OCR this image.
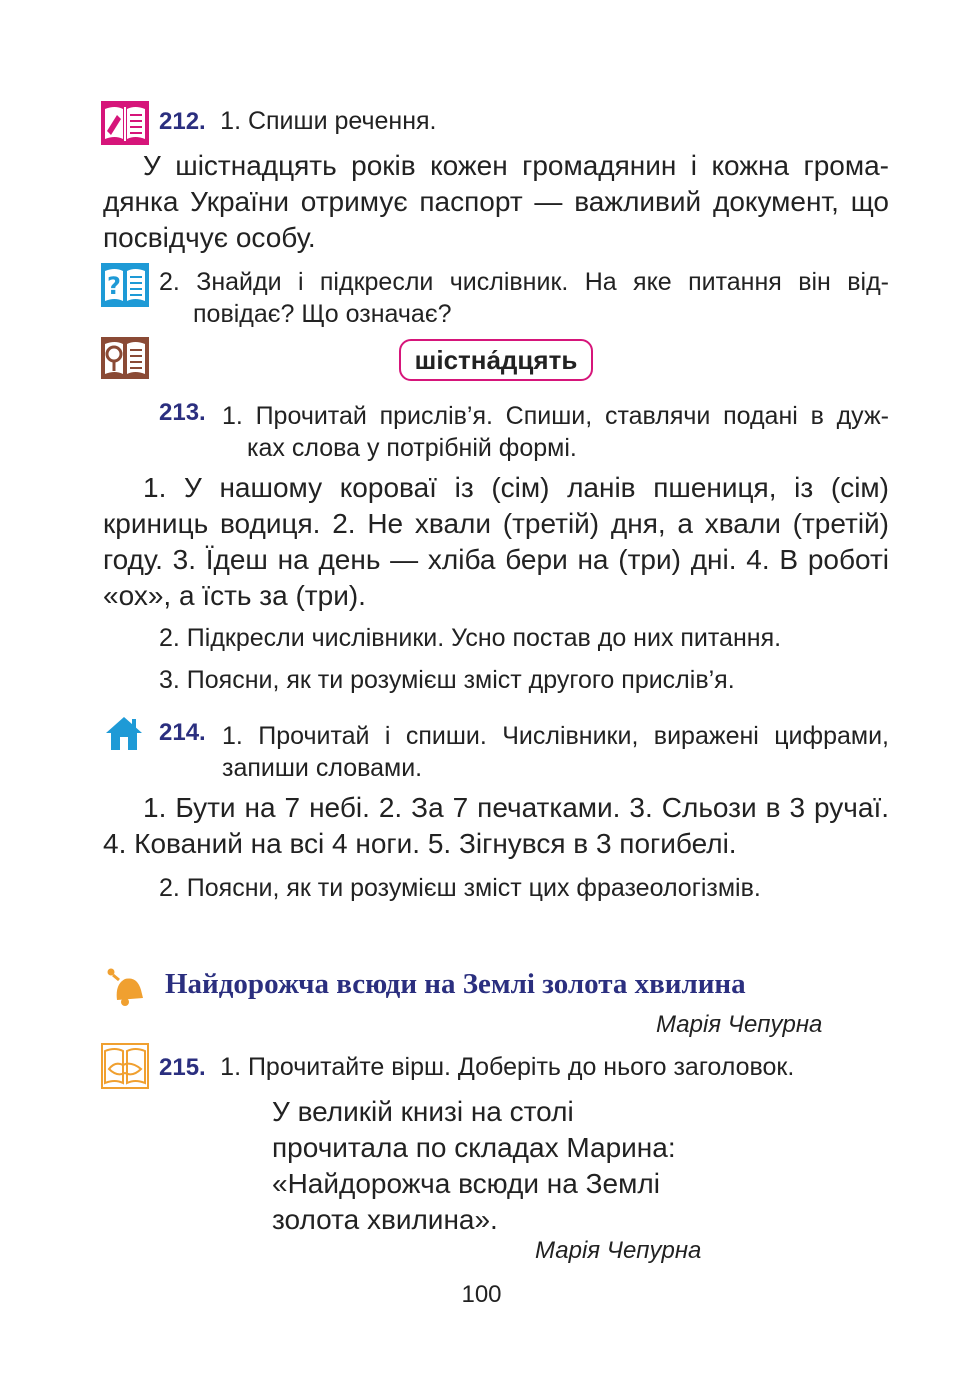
212. 1. Спиши речення.
У шістнадцять років кожен громадянин і кожна грома-
дянка України отримує паспорт — важливий документ, що
посвідчує особу.
? 2. Знайди і підкресли числівник. На яке питання він від-
повідає? Що означає?
шістна́дцять
213. 1. Прочитай прислів’я. Спиши, ставлячи подані в дуж-
ках слова у потрібній формі.
1. У нашому короваї із (сім) ланів пшениця, із (сім)
криниць водиця. 2. Не хвали (третій) дня, а хвали (третій)
году. 3. Їдеш на день — хліба бери на (три) дні. 4. В роботі
«ох», а їсть за (три).
2. Підкресли числівники. Усно постав до них питання.
3. Поясни, як ти розумієш зміст другого прислів’я.
214. 1. Прочитай і спиши. Числівники, виражені цифрами,
запиши словами.
1. Бути на 7 небі. 2. За 7 печатками. 3. Сльози в 3 ручаї.
4. Кований на всі 4 ноги. 5. Зігнувся в 3 погибелі.
2. Поясни, як ти розумієш зміст цих фразеологізмів.
Найдорожча всюди на Землі золота хвилина
Марія Чепурна
215. 1. Прочитайте вірш. Доберіть до нього заголовок.
У великій книзі на столі
прочитала по складах Марина:
«Найдорожча всюди на Землі
золота хвилина».
Марія Чепурна
100
